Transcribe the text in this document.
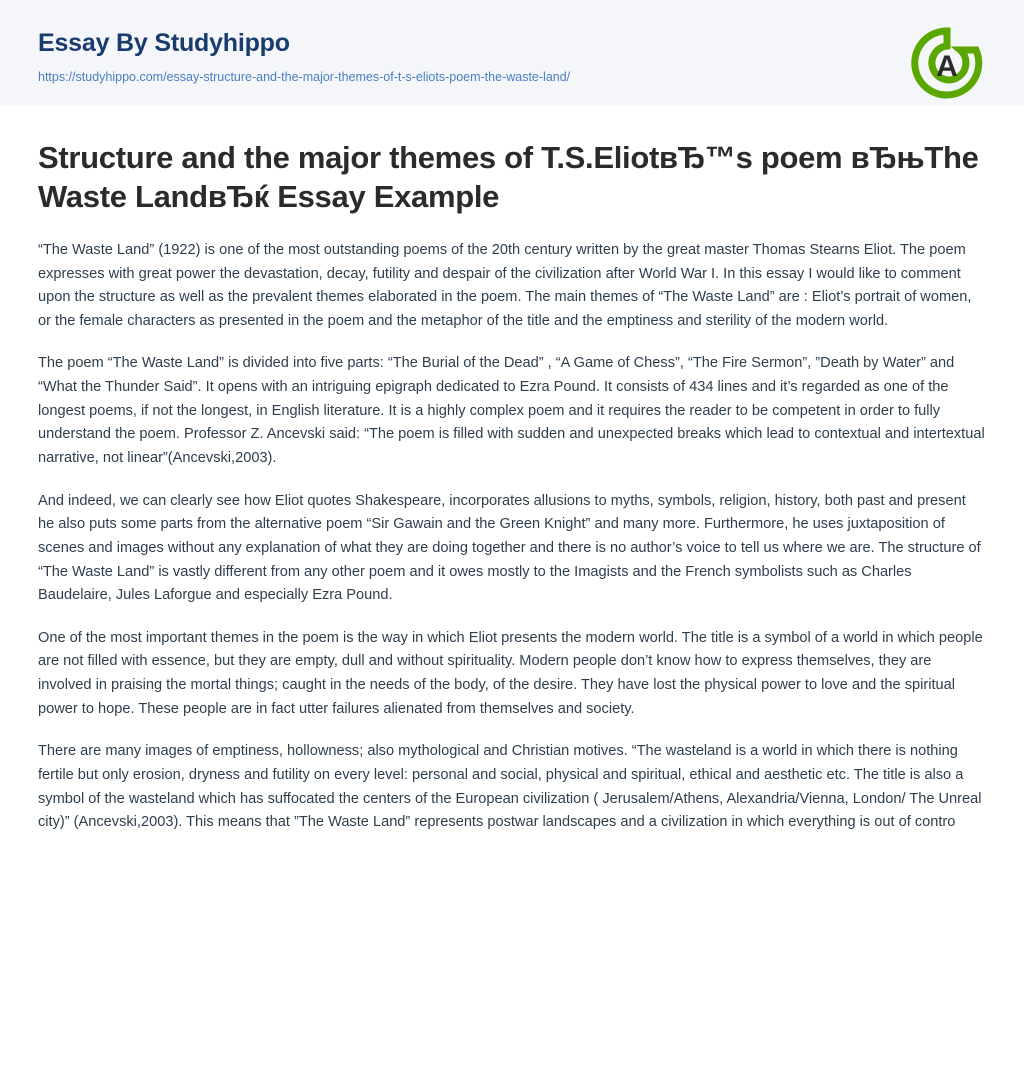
Essay By Studyhippo
https://studyhippo.com/essay-structure-and-the-major-themes-of-t-s-eliots-poem-the-waste-land/	A
Structure and the major themes of T.S.EliotвЂ™s poem вЂњThe Waste LandвЂќ Essay Example

“The Waste Land” (1922) is one of the most outstanding poems of the 20th century written by the great master Thomas Stearns Eliot. The poem expresses with great power the devastation, decay, futility and despair of the civilization after World War I. In this essay I would like to comment upon the structure as well as the prevalent themes elaborated in the poem. The main themes of “The Waste Land” are : Eliot’s portrait of women, or the female characters as presented in the poem and the metaphor of the title and the emptiness and sterility of the modern world.

The poem “The Waste Land” is divided into five parts: “The Burial of the Dead” , “A Game of Chess”, “The Fire Sermon”, ”Death by Water” and “What the Thunder Said”. It opens with an intriguing epigraph dedicated to Ezra Pound. It consists of 434 lines and it’s regarded as one of the longest poems, if not the longest, in English literature. It is a highly complex poem and it requires the reader to be competent in order to fully understand the poem. Professor Z. Ancevski said: “The poem is filled with sudden and unexpected breaks which lead to contextual and intertextual narrative, not linear”(Ancevski,2003).

And indeed, we can clearly see how Eliot quotes Shakespeare, incorporates allusions to myths, symbols, religion, history, both past and present he also puts some parts from the alternative poem “Sir Gawain and the Green Knight” and many more. Furthermore, he uses juxtaposition of scenes and images without any explanation of what they are doing together and there is no author’s voice to tell us where we are. The structure of “The Waste Land” is vastly different from any other poem and it owes mostly to the Imagists and the French symbolists such as Charles Baudelaire, Jules Laforgue and especially Ezra Pound.

One of the most important themes in the poem is the way in which Eliot presents the modern world. The title is a symbol of a world in which people are not filled with essence, but they are empty, dull and without spirituality. Modern people don’t know how to express themselves, they are involved in praising the mortal things; caught in the needs of the body, of the desire. They have lost the physical power to love and the spiritual power to hope. These people are in fact utter failures alienated from themselves and society.

There are many images of emptiness, hollowness; also mythological and Christian motives. “The wasteland is a world in which there is nothing fertile but only erosion, dryness and futility on every level: personal and social, physical and spiritual, ethical and aesthetic etc. The title is also a symbol of the wasteland which has suffocated the centers of the European civilization ( Jerusalem/Athens, Alexandria/Vienna, London/ The Unreal city)” (Ancevski,2003). This means that ”The Waste Land” represents postwar landscapes and a civilization in which everything is out of contro
